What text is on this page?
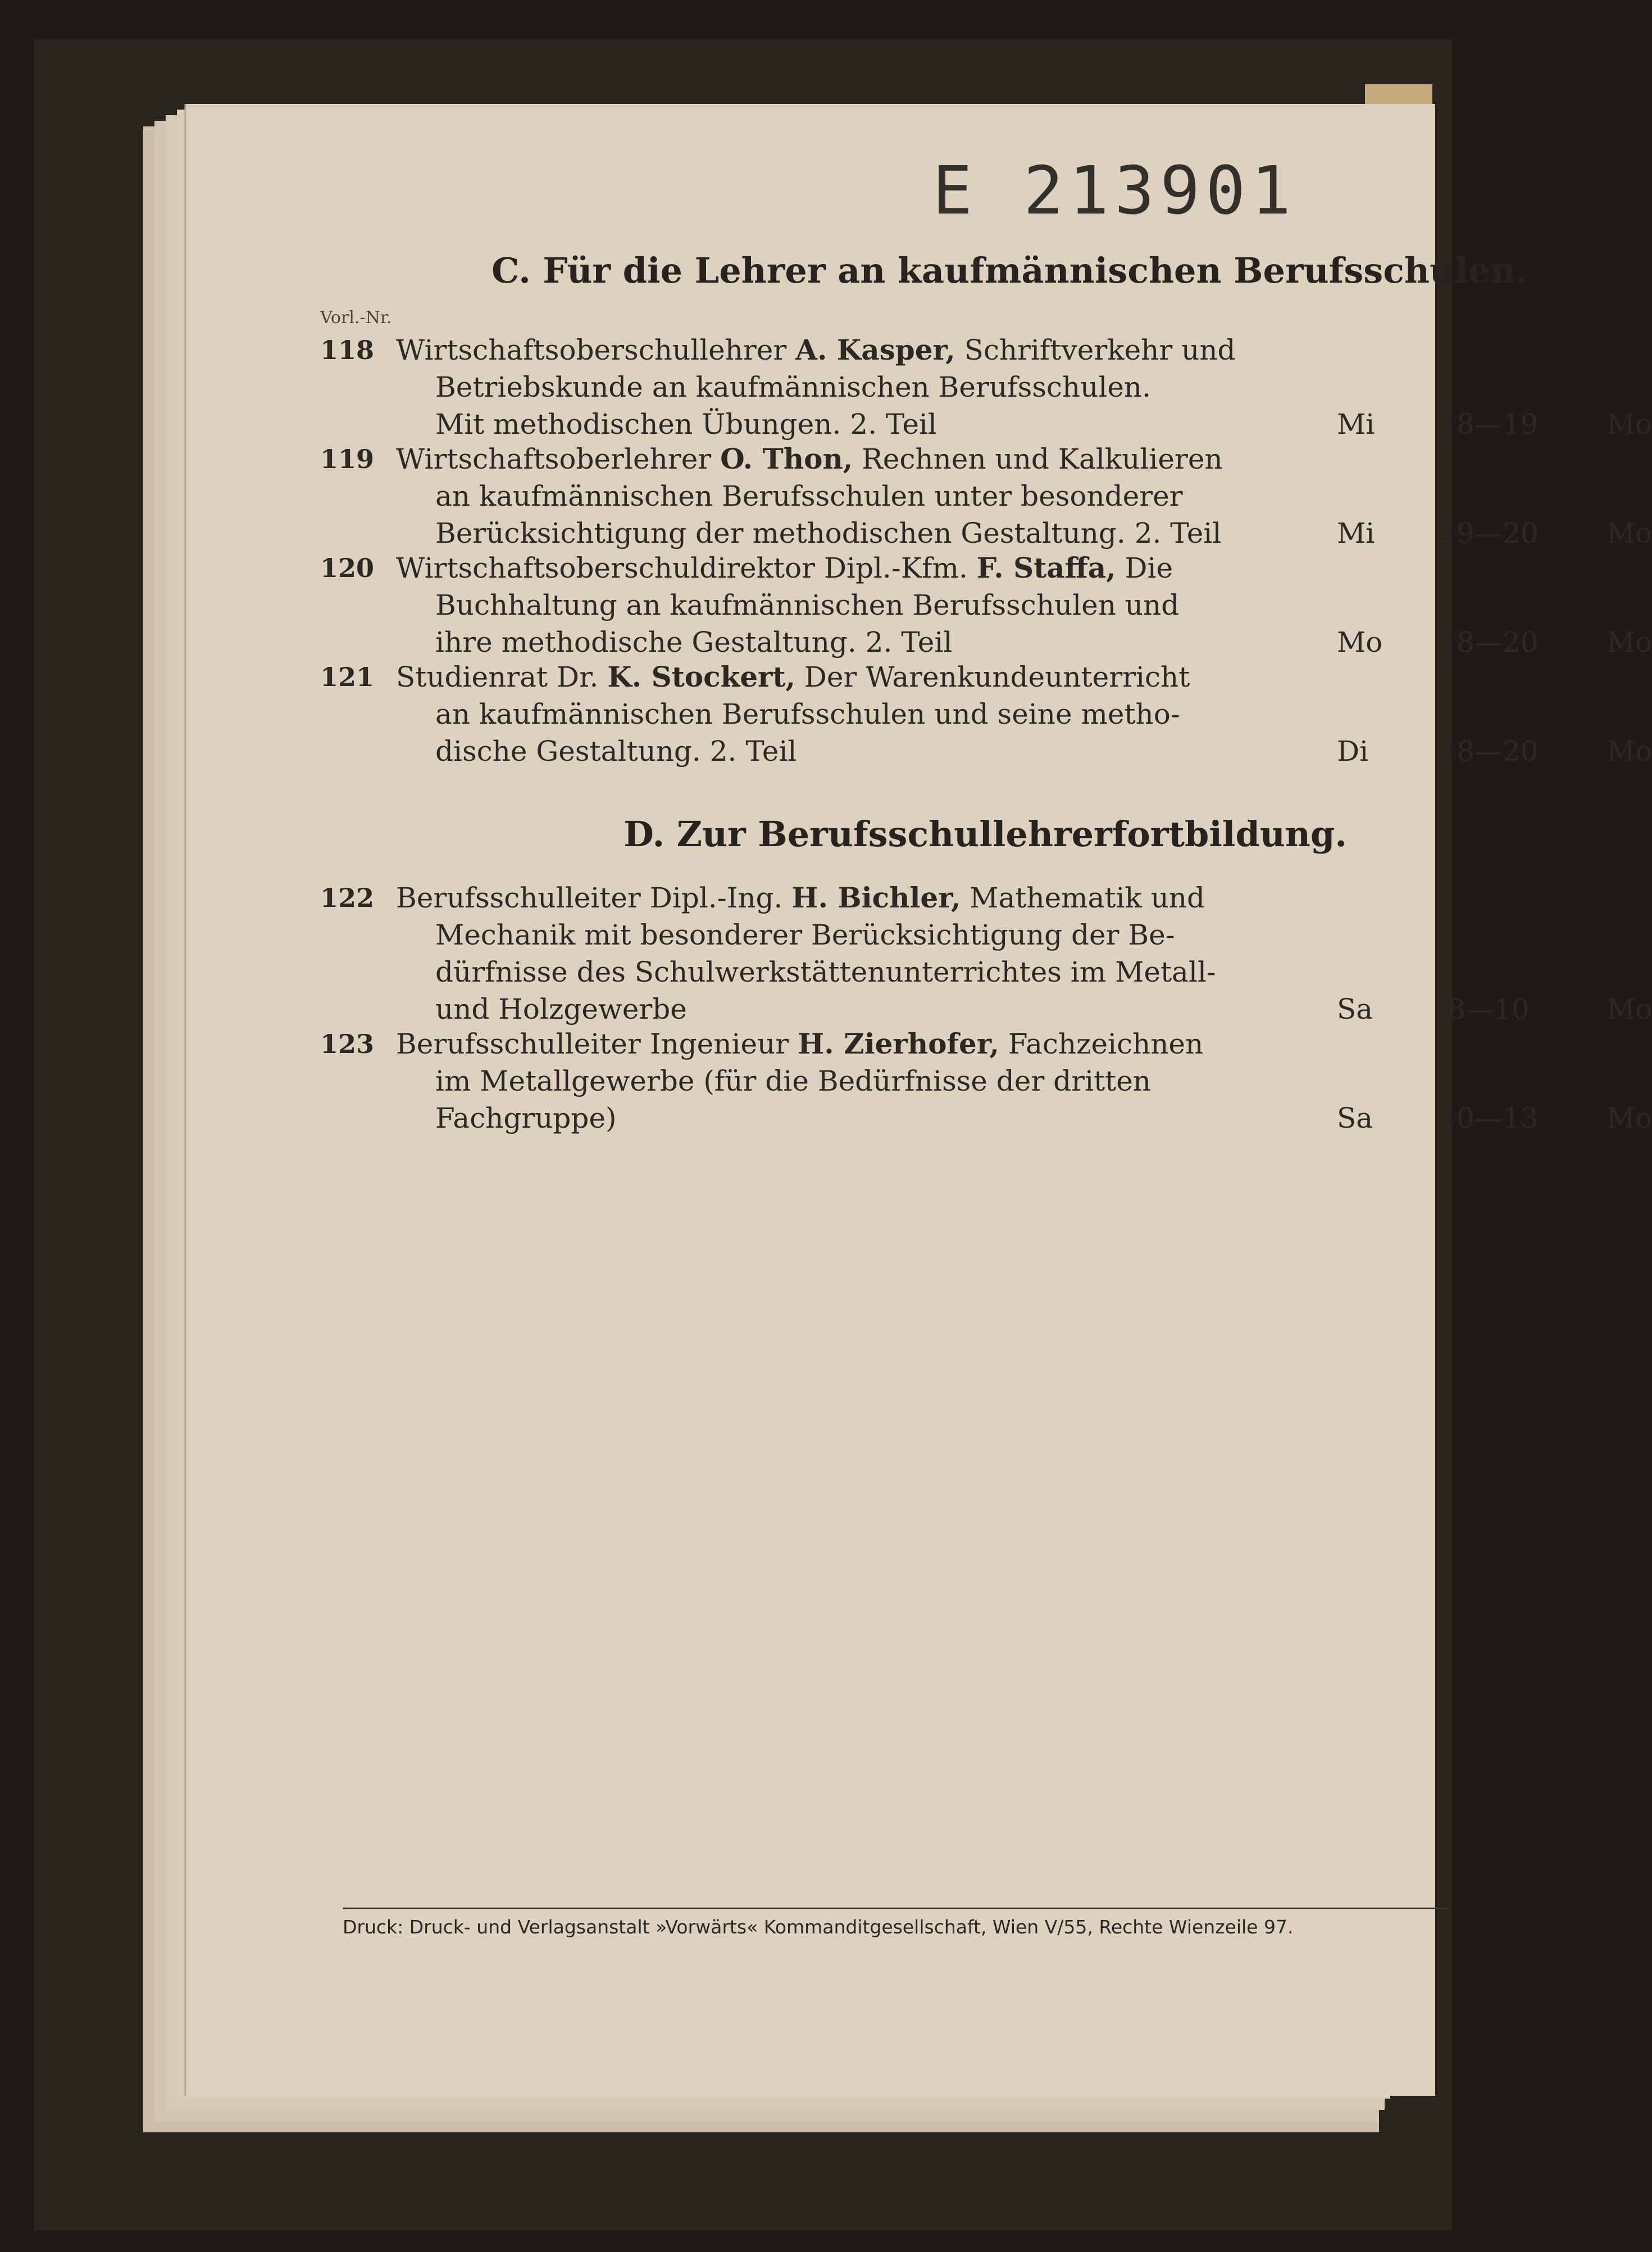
E 213901
C. Für die Lehrer an kaufmännischen Berufsschulen.
Vorl.-Nr.
118 Wirtschaftsoberschullehrer A. Kasper, Schriftverkehr und
Betriebskunde an kaufmännischen Berufsschulen.
Mit methodischen Übungen. 2. Teil	Mi 18—19 Mo
119 Wirtschaftsoberlehrer O. Thon, Rechnen und Kalkulieren
an kaufmännischen Berufsschulen unter besonderer
Berücksichtigung der methodischen Gestaltung. 2. Teil	Mi 19—20 Mo
120 Wirtschaftsoberschuldirektor Dipl.-Kfm. F. Staffa, Die
Buchhaltung an kaufmännischen Berufsschulen und
ihre methodische Gestaltung. 2. Teil	Mo 18—20 Mo
121 Studienrat Dr. K. Stockert, Der Warenkundeunterricht
an kaufmännischen Berufsschulen und seine metho-
dische Gestaltung. 2. Teil	Di	18—20 Mo
D. Zur Berufsschullehrerfortbildung.
122 Berufsschulleiter Dipl.-Ing. H. Bichler, Mathematik und
Mechanik mit besonderer Berücksichtigung der Be-
dürfnisse des Schulwerkstättenunterrichtes im Metall-
und Holzgewerbe	Sa	8—10	Mo
123 Berufsschulleiter Ingenieur H. Zierhofer, Fachzeichnen
im Metallgewerbe (für die Bedürfnisse der dritten
Fachgruppe)	Sa 10—13 Mo
Druck: Druck- und Verlagsanstalt »Vorwärts« Kommanditgesellschaft, Wien V/55, Rechte Wienzeile 97.
